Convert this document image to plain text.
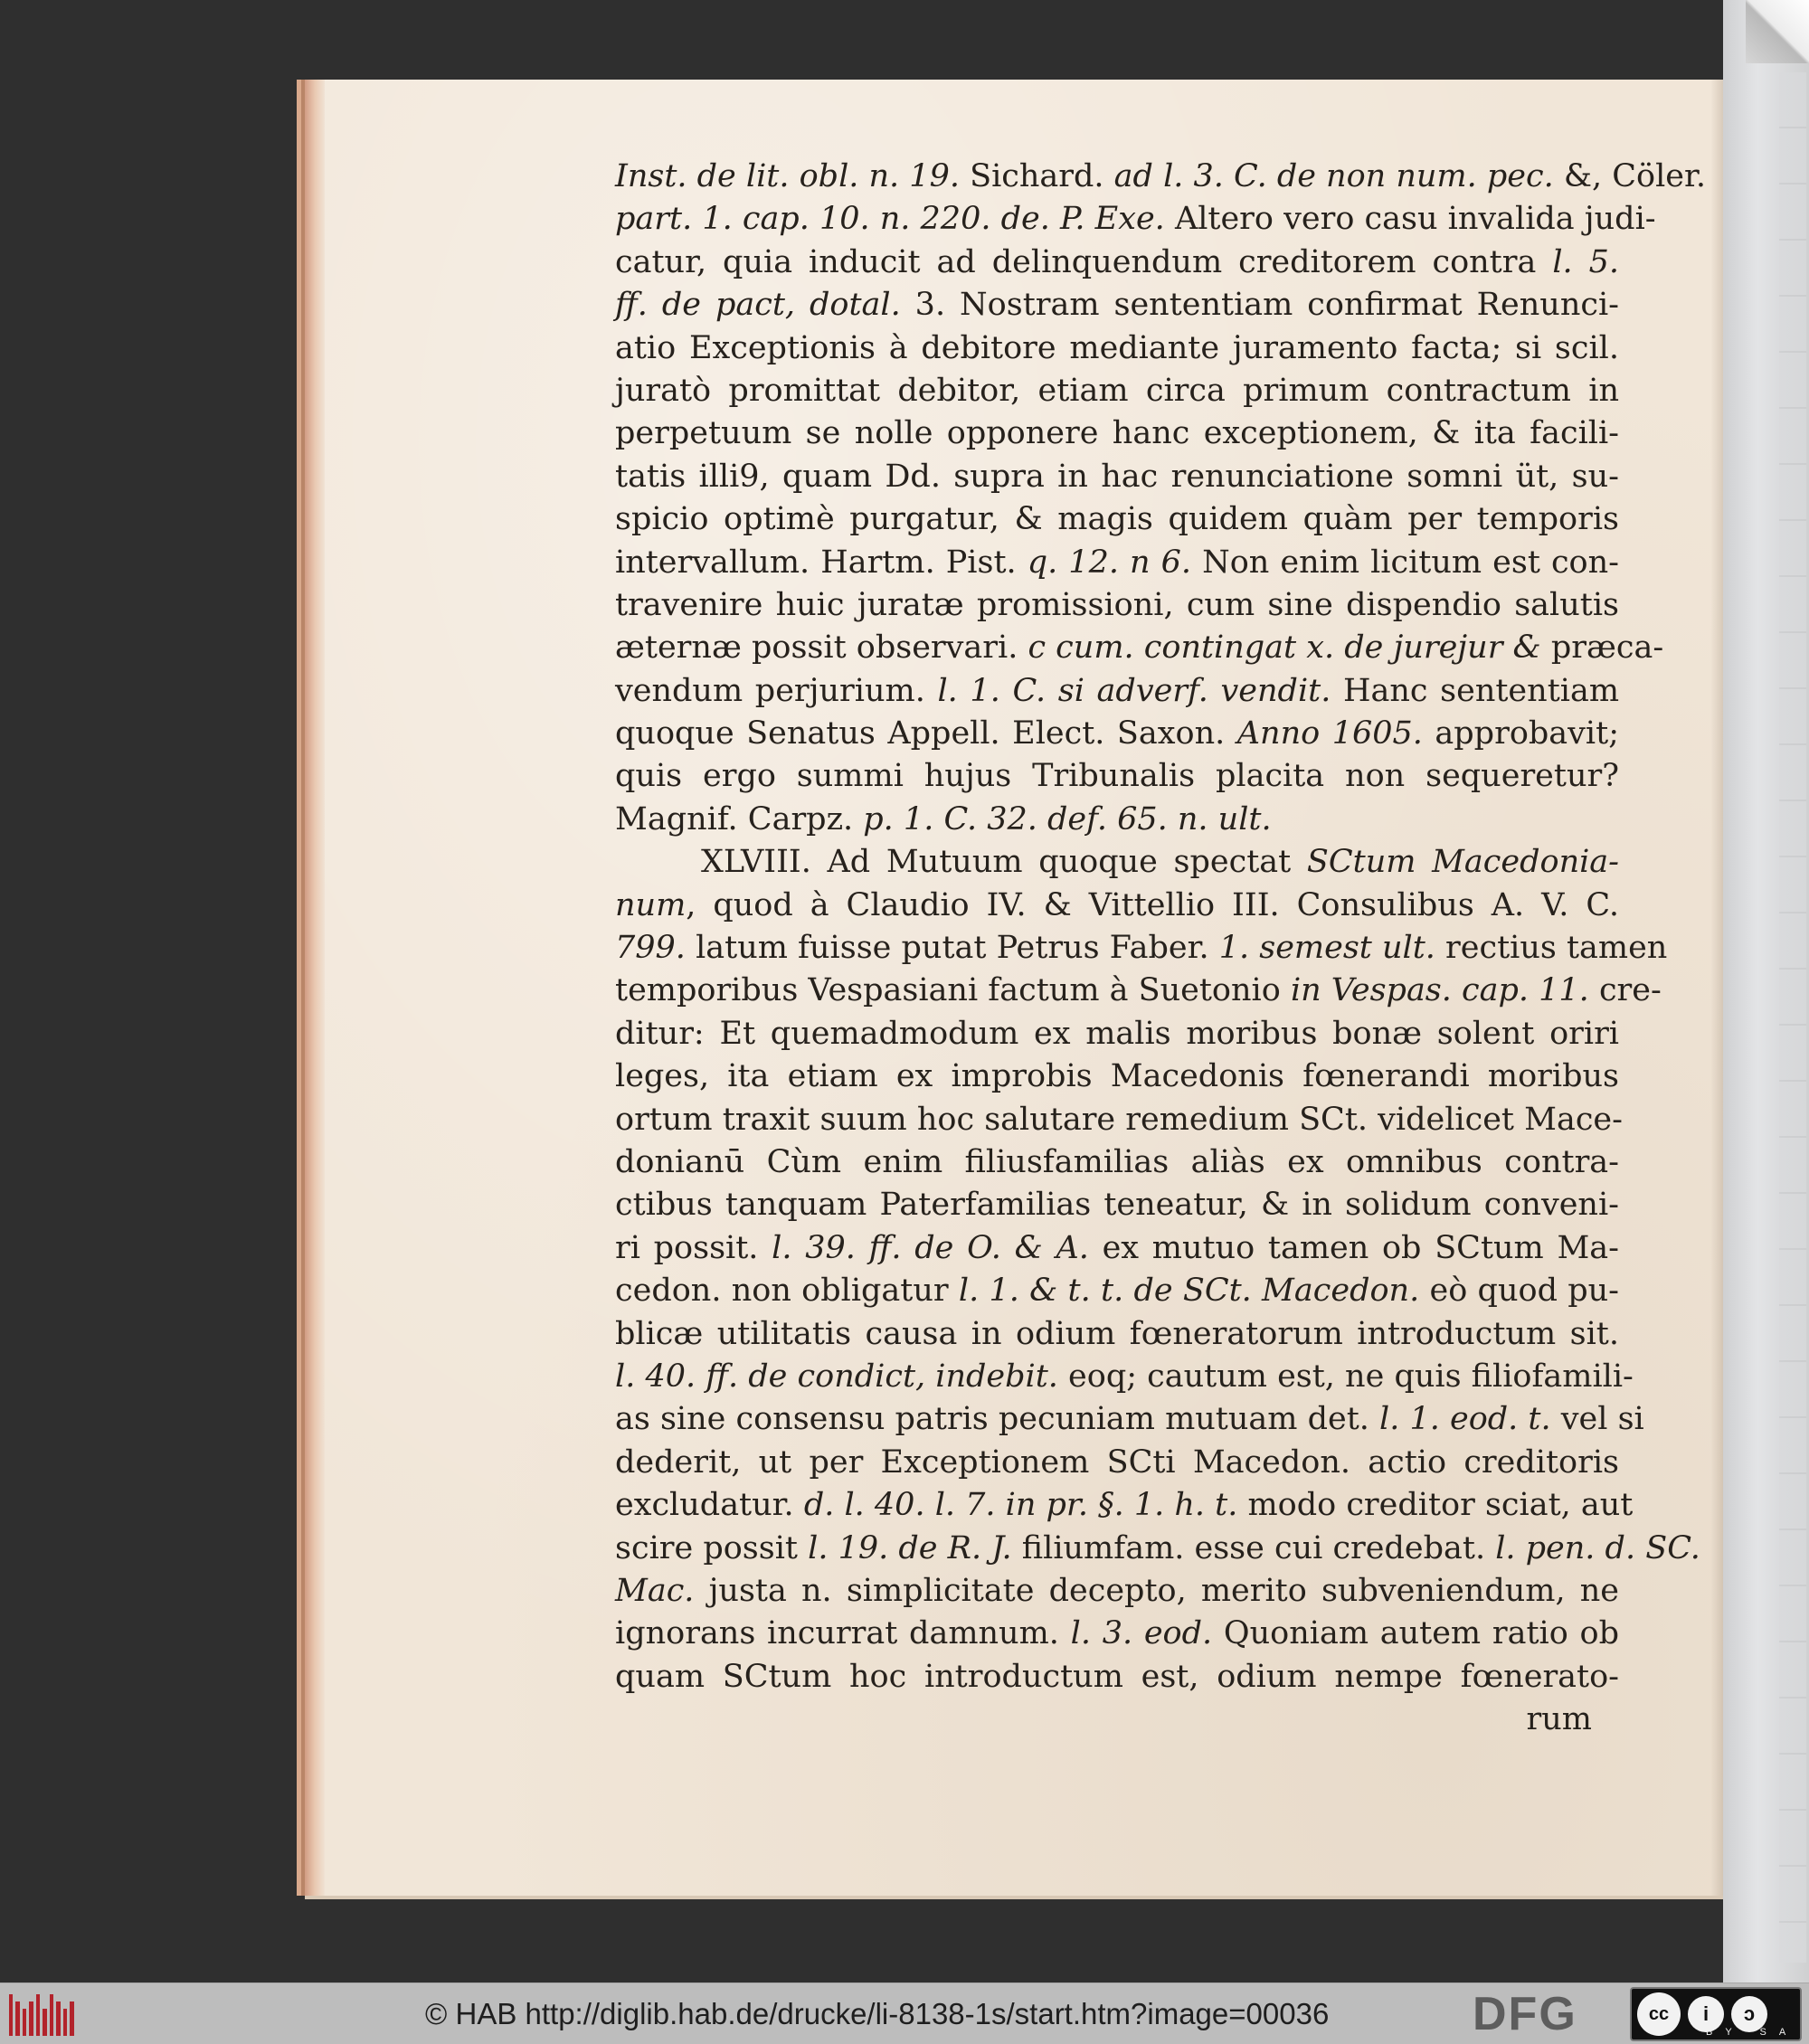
Inst. de lit. obl. n. 19. Sichard. ad l. 3. C. de non num. pec. &, Cöler.
part. 1. cap. 10. n. 220. de. P. Exe. Altero vero casu invalida judi-
catur, quia inducit ad delinquendum creditorem contra l. 5.
ff. de pact, dotal. 3. Nostram sententiam confirmat Renunci-
atio Exceptionis à debitore mediante juramento facta; si scil.
juratò promittat debitor, etiam circa primum contractum in
perpetuum se nolle opponere hanc exceptionem, & ita facili-
tatis illi9, quam Dd. supra in hac renunciatione somni üt, su-
spicio optimè purgatur, & magis quidem quàm per temporis
intervallum. Hartm. Pist. q. 12. n 6. Non enim licitum est con-
travenire huic juratæ promissioni, cum sine dispendio salutis
æternæ possit observari. c cum. contingat x. de jurejur & præca-
vendum perjurium. l. 1. C. si adverf. vendit. Hanc sententiam
quoque Senatus Appell. Elect. Saxon. Anno 1605. approbavit;
quis ergo summi hujus Tribunalis placita non sequeretur?
Magnif. Carpz. p. 1. C. 32. def. 65. n. ult.
XLVIII. Ad Mutuum quoque spectat SCtum Macedonia-
num, quod à Claudio IV. & Vittellio III. Consulibus A. V. C.
799. latum fuisse putat Petrus Faber. 1. semest ult. rectius tamen
temporibus Vespasiani factum à Suetonio in Vespas. cap. 11. cre-
ditur: Et quemadmodum ex malis moribus bonæ solent oriri
leges, ita etiam ex improbis Macedonis fœnerandi moribus
ortum traxit suum hoc salutare remedium SCt. videlicet Mace-
donianū Cùm enim filiusfamilias aliàs ex omnibus contra-
ctibus tanquam Paterfamilias teneatur, & in solidum conveni-
ri possit. l. 39. ff. de O. & A. ex mutuo tamen ob SCtum Ma-
cedon. non obligatur l. 1. & t. t. de SCt. Macedon. eò quod pu-
blicæ utilitatis causa in odium fœneratorum introductum sit.
l. 40. ff. de condict, indebit. eoq; cautum est, ne quis filiofamili-
as sine consensu patris pecuniam mutuam det. l. 1. eod. t. vel si
dederit, ut per Exceptionem SCti Macedon. actio creditoris
excludatur. d. l. 40. l. 7. in pr. §. 1. h. t. modo creditor sciat, aut
scire possit l. 19. de R. J. filiumfam. esse cui credebat. l. pen. d. SC.
Mac. justa n. simplicitate decepto, merito subveniendum, ne
ignorans incurrat damnum. l. 3. eod. Quoniam autem ratio ob
quam SCtum hoc introductum est, odium nempe fœnerato-
rum
© HAB http://diglib.hab.de/drucke/li-8138-1s/start.htm?image=00036	DFG	cc	i	ↄ
BY SA
